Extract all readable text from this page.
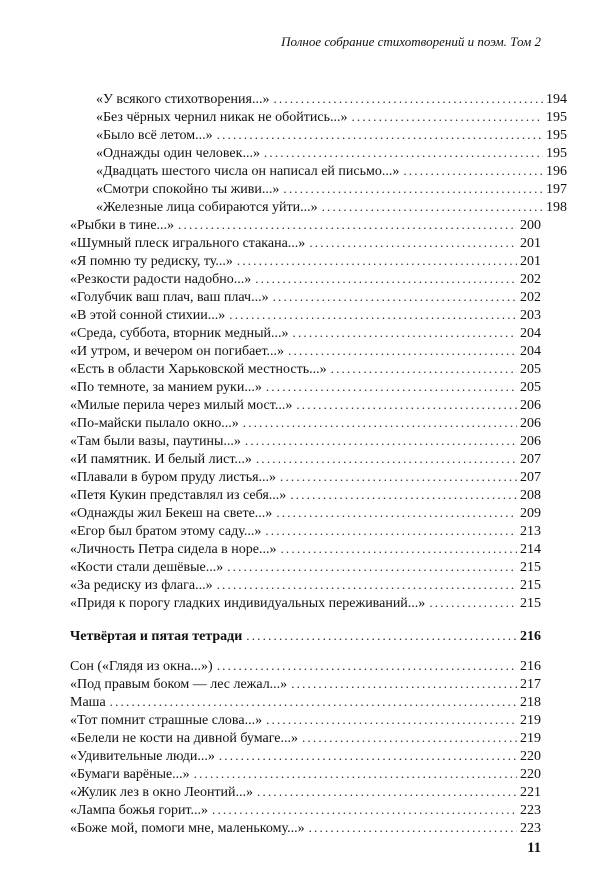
Полное собрание стихотворений и поэм. Том 2
«У всякого стихотворения...» .....	194
«Без чёрных чернил никак не обойтись...» .....	195
«Было всё летом...» .....	195
«Однажды один человек...» .....	195
«Двадцать шестого числа он написал ей письмо...» .....	196
«Смотри спокойно ты живи...» .....	197
«Железные лица собираются уйти...» .....	198
«Рыбки в тине...» .....	200
«Шумный плеск игрального стакана...» .....	201
«Я помню ту редиску, ту...» .....	201
«Резкости радости надобно...» .....	202
«Голубчик ваш плач, ваш плач...» .....	202
«В этой сонной стихии...» .....	203
«Среда, суббота, вторник медный...» .....	204
«И утром, и вечером он погибает...» .....	204
«Есть в области Харьковской местность...» .....	205
«По темноте, за манием руки...» .....	205
«Милые перила через милый мост...» .....	206
«По-майски пылало окно...» .....	206
«Там были вазы, паутины...» .....	206
«И памятник. И белый лист...» .....	207
«Плавали в буром пруду листья...» .....	207
«Петя Кукин представлял из себя...» .....	208
«Однажды жил Бекеш на свете...» .....	209
«Егор был братом этому саду...» .....	213
«Личность Петра сидела в норе...» .....	214
«Кости стали дешёвые...» .....	215
«За редиску из флага...» .....	215
«Придя к порогу гладких индивидуальных переживаний...» .....	215
Четвёртая и пятая тетради .....	216
Сон («Глядя из окна...») .....	216
«Под правым боком — лес лежал...» .....	217
Маша .....	218
«Тот помнит страшные слова...» .....	219
«Белели не кости на дивной бумаге...» .....	219
«Удивительные люди...» .....	220
«Бумаги варёные...» .....	220
«Жулик лез в окно Леонтий...» .....	221
«Лампа божья горит...» .....	223
«Боже мой, помоги мне, маленькому...» .....	223
11
